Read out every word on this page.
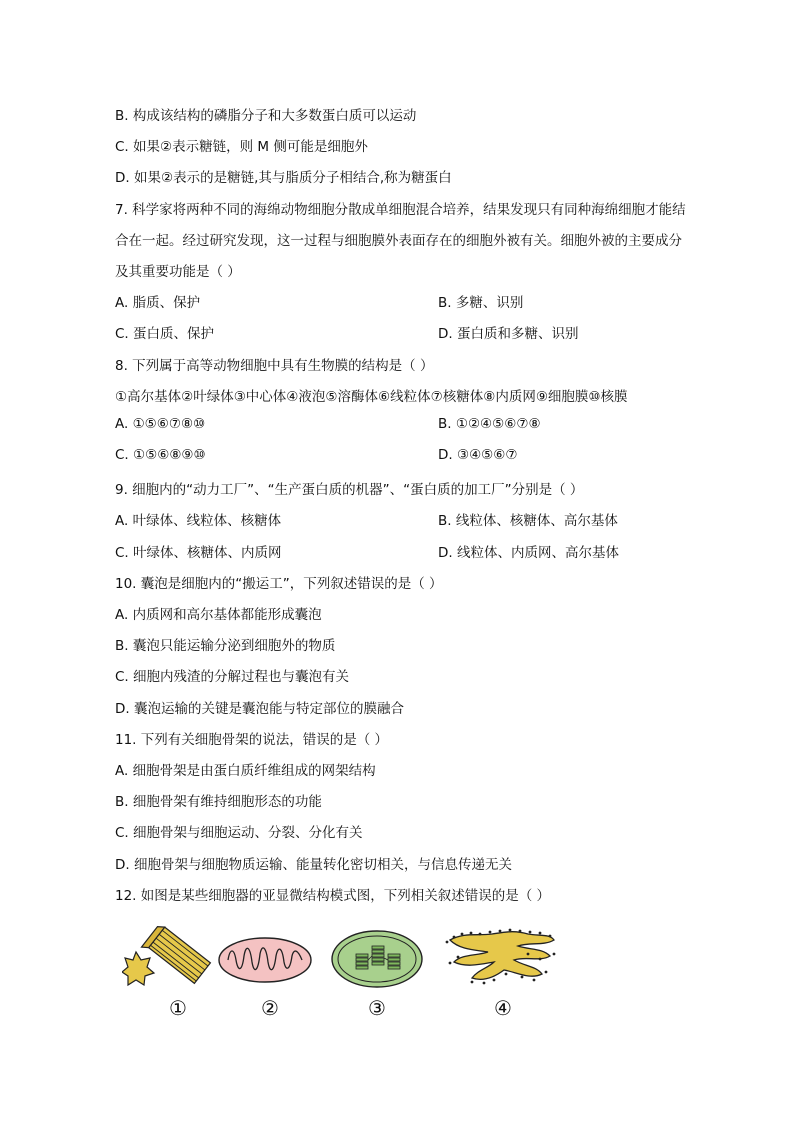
B. 构成该结构的磷脂分子和大多数蛋白质可以运动
C. 如果②表示糖链，则 M 侧可能是细胞外
D. 如果②表示的是糖链,其与脂质分子相结合,称为糖蛋白
7. 科学家将两种不同的海绵动物细胞分散成单细胞混合培养，结果发现只有同种海绵细胞才能结
合在一起。经过研究发现，这一过程与细胞膜外表面存在的细胞外被有关。细胞外被的主要成分
及其重要功能是（ ）
A. 脂质、保护	B. 多糖、识别
C. 蛋白质、保护	D. 蛋白质和多糖、识别
8. 下列属于高等动物细胞中具有生物膜的结构是（ ）
①高尔基体②叶绿体③中心体④液泡⑤溶酶体⑥线粒体⑦核糖体⑧内质网⑨细胞膜⑩核膜
A. ①⑤⑥⑦⑧⑩	B. ①②④⑤⑥⑦⑧
C. ①⑤⑥⑧⑨⑩	D. ③④⑤⑥⑦
9. 细胞内的“动力工厂”、“生产蛋白质的机器”、“蛋白质的加工厂”分别是（ ）
A. 叶绿体、线粒体、核糖体	B. 线粒体、核糖体、高尔基体
C. 叶绿体、核糖体、内质网	D. 线粒体、内质网、高尔基体
10. 囊泡是细胞内的“搬运工”，下列叙述错误的是（ ）
A. 内质网和高尔基体都能形成囊泡
B. 囊泡只能运输分泌到细胞外的物质
C. 细胞内残渣的分解过程也与囊泡有关
D. 囊泡运输的关键是囊泡能与特定部位的膜融合
11. 下列有关细胞骨架的说法，错误的是（ ）
A. 细胞骨架是由蛋白质纤维组成的网架结构
B. 细胞骨架有维持细胞形态的功能
C. 细胞骨架与细胞运动、分裂、分化有关
D. 细胞骨架与细胞物质运输、能量转化密切相关，与信息传递无关
12. 如图是某些细胞器的亚显微结构模式图，下列相关叙述错误的是（ ）
①	②	③	④
